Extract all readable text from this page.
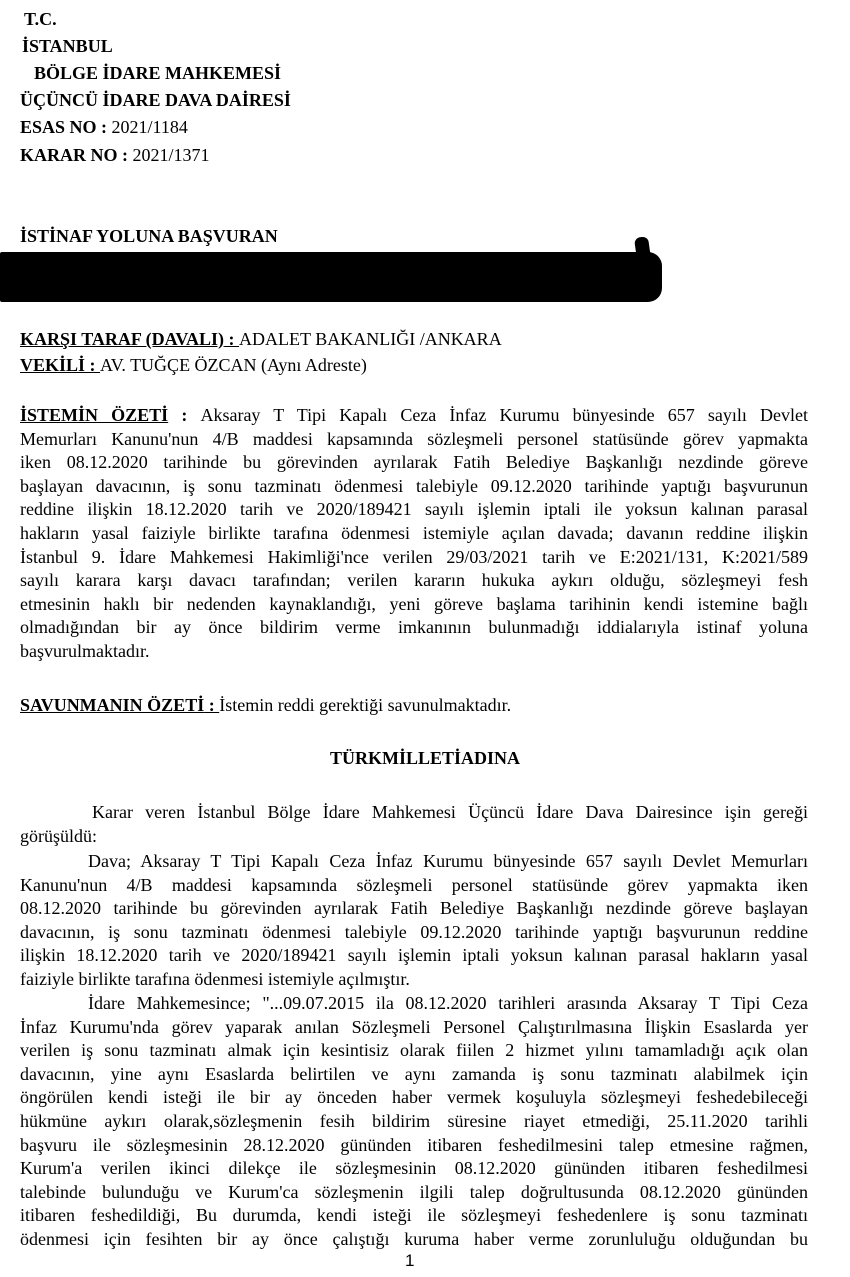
T.C.
İSTANBUL
BÖLGE İDARE MAHKEMESİ
ÜÇÜNCÜ İDARE DAVA DAİRESİ
ESAS NO : 2021/1184
KARAR NO : 2021/1371
İSTİNAF YOLUNA BAŞVURAN
KARŞI TARAF (DAVALI) : ADALET BAKANLIĞI /ANKARA
VEKİLİ : AV. TUĞÇE ÖZCAN (Aynı Adreste)
İSTEMİN ÖZETİ : Aksaray T Tipi Kapalı Ceza İnfaz Kurumu bünyesinde 657 sayılı Devlet
Memurları Kanunu'nun 4/B maddesi kapsamında sözleşmeli personel statüsünde görev yapmakta
iken 08.12.2020 tarihinde bu görevinden ayrılarak Fatih Belediye Başkanlığı nezdinde göreve
başlayan davacının, iş sonu tazminatı ödenmesi talebiyle 09.12.2020 tarihinde yaptığı başvurunun
reddine ilişkin 18.12.2020 tarih ve 2020/189421 sayılı işlemin iptali ile yoksun kalınan parasal
hakların yasal faiziyle birlikte tarafına ödenmesi istemiyle açılan davada; davanın reddine ilişkin
İstanbul 9. İdare Mahkemesi Hakimliği'nce verilen 29/03/2021 tarih ve E:2021/131, K:2021/589
sayılı karara karşı davacı tarafından; verilen kararın hukuka aykırı olduğu, sözleşmeyi fesh
etmesinin haklı bir nedenden kaynaklandığı, yeni göreve başlama tarihinin kendi istemine bağlı
olmadığından bir ay önce bildirim verme imkanının bulunmadığı iddialarıyla istinaf yoluna
başvurulmaktadır.
SAVUNMANIN ÖZETİ : İstemin reddi gerektiği savunulmaktadır.
TÜRKMİLLETİADINA
Karar veren İstanbul Bölge İdare Mahkemesi Üçüncü İdare Dava Dairesince işin gereği
görüşüldü:
Dava; Aksaray T Tipi Kapalı Ceza İnfaz Kurumu bünyesinde 657 sayılı Devlet Memurları
Kanunu'nun 4/B maddesi kapsamında sözleşmeli personel statüsünde görev yapmakta iken
08.12.2020 tarihinde bu görevinden ayrılarak Fatih Belediye Başkanlığı nezdinde göreve başlayan
davacının, iş sonu tazminatı ödenmesi talebiyle 09.12.2020 tarihinde yaptığı başvurunun reddine
ilişkin 18.12.2020 tarih ve 2020/189421 sayılı işlemin iptali yoksun kalınan parasal hakların yasal
faiziyle birlikte tarafına ödenmesi istemiyle açılmıştır.
İdare Mahkemesince; "...09.07.2015 ila 08.12.2020 tarihleri arasında Aksaray T Tipi Ceza
İnfaz Kurumu'nda görev yaparak anılan Sözleşmeli Personel Çalıştırılmasına İlişkin Esaslarda yer
verilen iş sonu tazminatı almak için kesintisiz olarak fiilen 2 hizmet yılını tamamladığı açık olan
davacının, yine aynı Esaslarda belirtilen ve aynı zamanda iş sonu tazminatı alabilmek için
öngörülen kendi isteği ile bir ay önceden haber vermek koşuluyla sözleşmeyi feshedebileceği
hükmüne aykırı olarak,sözleşmenin fesih bildirim süresine riayet etmediği, 25.11.2020 tarihli
başvuru ile sözleşmesinin 28.12.2020 gününden itibaren feshedilmesini talep etmesine rağmen,
Kurum'a verilen ikinci dilekçe ile sözleşmesinin 08.12.2020 gününden itibaren feshedilmesi
talebinde bulunduğu ve Kurum'ca sözleşmenin ilgili talep doğrultusunda 08.12.2020 gününden
itibaren feshedildiği, Bu durumda, kendi isteği ile sözleşmeyi feshedenlere iş sonu tazminatı
ödenmesi için fesihten bir ay önce çalıştığı kuruma haber verme zorunluluğu olduğundan bu
1
